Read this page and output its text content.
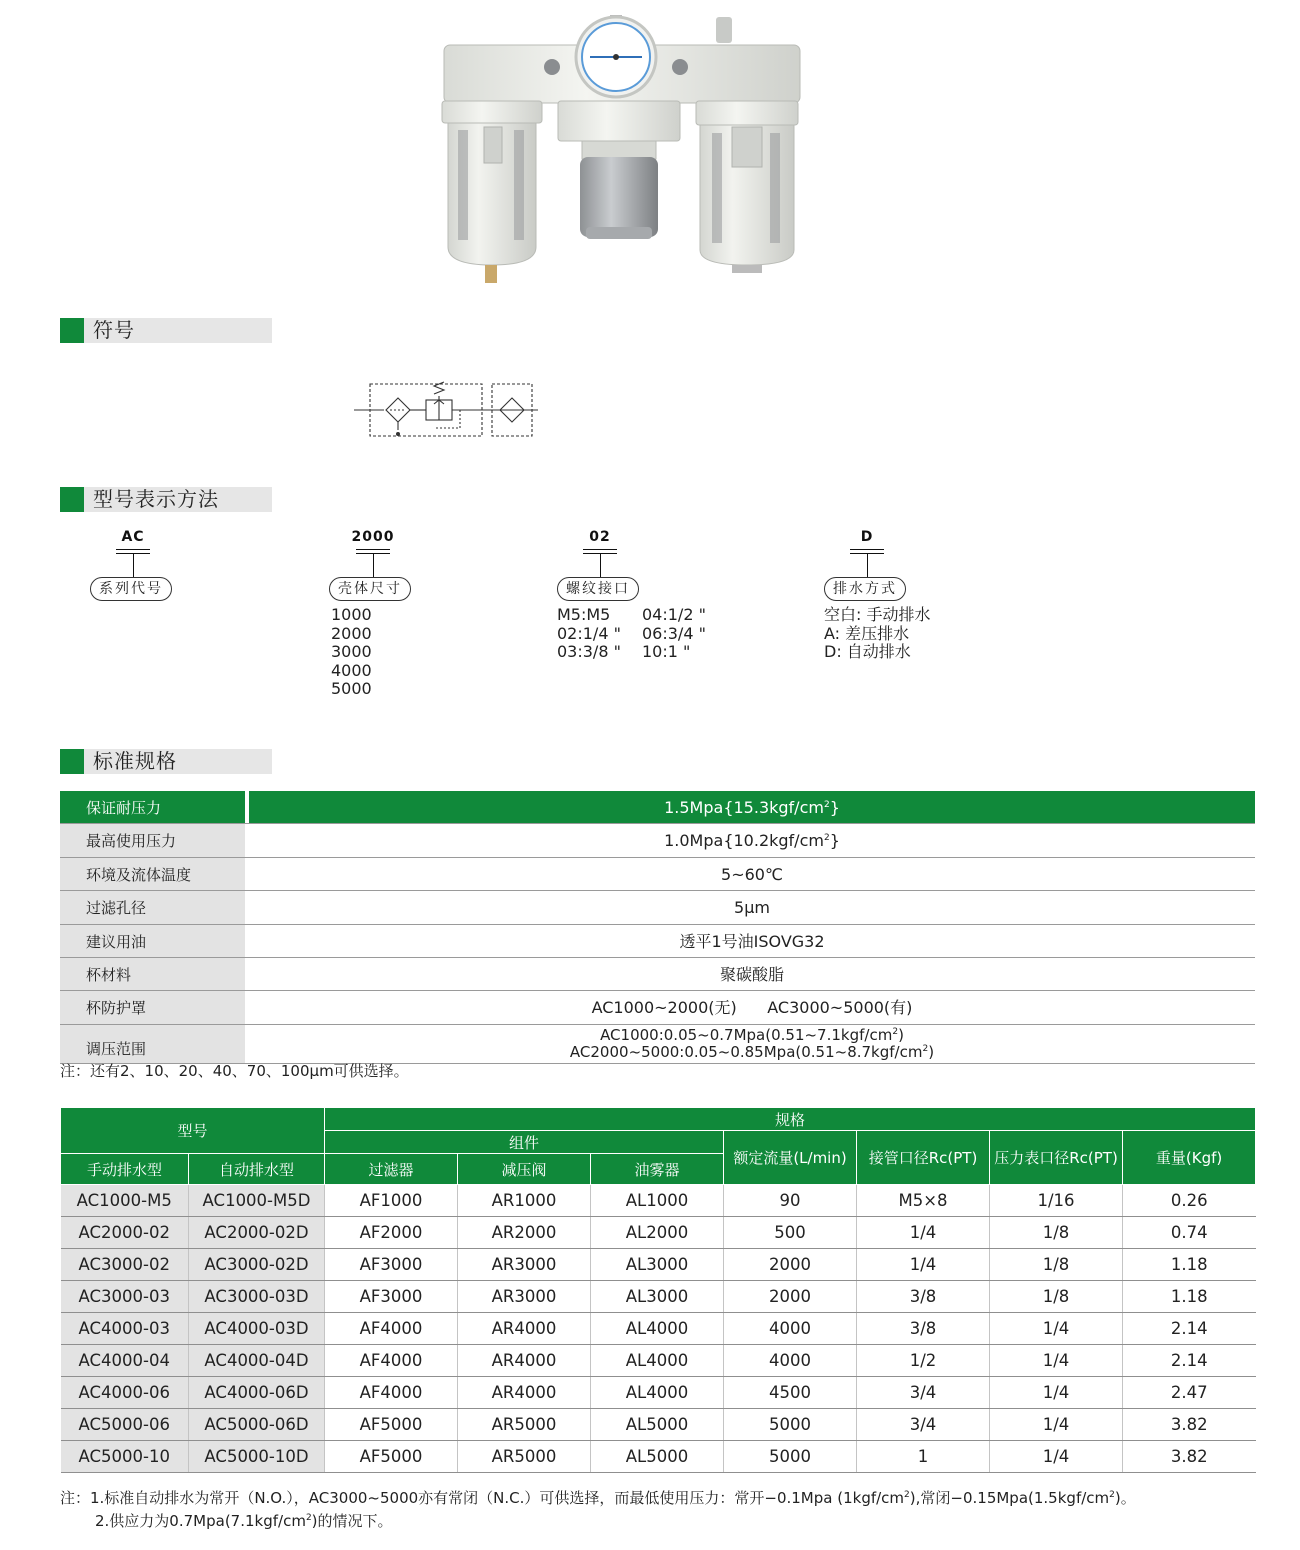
符号
型号表示方法
AC
系列代号
2000
壳体尺寸
1000
2000
3000
4000
5000
02
螺纹接口
M5:M5
02:1/4 "
03:3/8 "
04:1/2 "
06:3/4 "
10:1 "
D
排水方式
空白: 手动排水
A: 差压排水
D: 自动排水
标准规格
保证耐压力	$1.5Mpa\{15.3kgf/cm^2\}$
最高使用压力	$1.0Mpa\{10.2kgf/cm^2\}$
环境及流体温度	5~60℃
过滤孔径	5μm
建议用油	透平1号油ISOVG32
杯材料	聚碳酸脂
杯防护罩	AC1000~2000(无)      AC3000~5000(有)
调压范围
$AC1000:0.05\sim 0.7Mpa(0.51\sim 7.1kgf/cm^2)$
$AC2000\sim 5000:0.05\sim 0.85Mpa(0.51\sim 8.7kgf/cm^2)$
注：还有2、10、20、40、70、100μm可供选择。
型号		规格						
		组件			额定流量(L/min)	接管口径Rc(PT)	压力表口径Rc(PT)	重量(Kgf)
手动排水型	自动排水型	过滤器	减压阀	油雾器				
AC1000-M5	AC1000-M5D	AF1000	AR1000	AL1000	90	M5×8	1/16	0.26
AC2000-02	AC2000-02D	AF2000	AR2000	AL2000	500	1/4	1/8	0.74
AC3000-02	AC3000-02D	AF3000	AR3000	AL3000	2000	1/4	1/8	1.18
AC3000-03	AC3000-03D	AF3000	AR3000	AL3000	2000	3/8	1/8	1.18
AC4000-03	AC4000-03D	AF4000	AR4000	AL4000	4000	3/8	1/4	2.14
AC4000-04	AC4000-04D	AF4000	AR4000	AL4000	4000	1/2	1/4	2.14
AC4000-06	AC4000-06D	AF4000	AR4000	AL4000	4500	3/4	1/4	2.47
AC5000-06	AC5000-06D	AF5000	AR5000	AL5000	5000	3/4	1/4	3.82
AC5000-10	AC5000-10D	AF5000	AR5000	AL5000	5000	1	1/4	3.82
注：1.标准自动排水为常开（N.O.），AC3000~5000亦有常闭（N.C.）可供选择，而最低使用压力：常开−0.1Mpa $(1kgf/cm^2)$,常闭$-0.15Mpa(1.5kgf/cm^2)$。
2.供应力为$0.7Mpa(7.1kgf/cm^2)$的情况下。
